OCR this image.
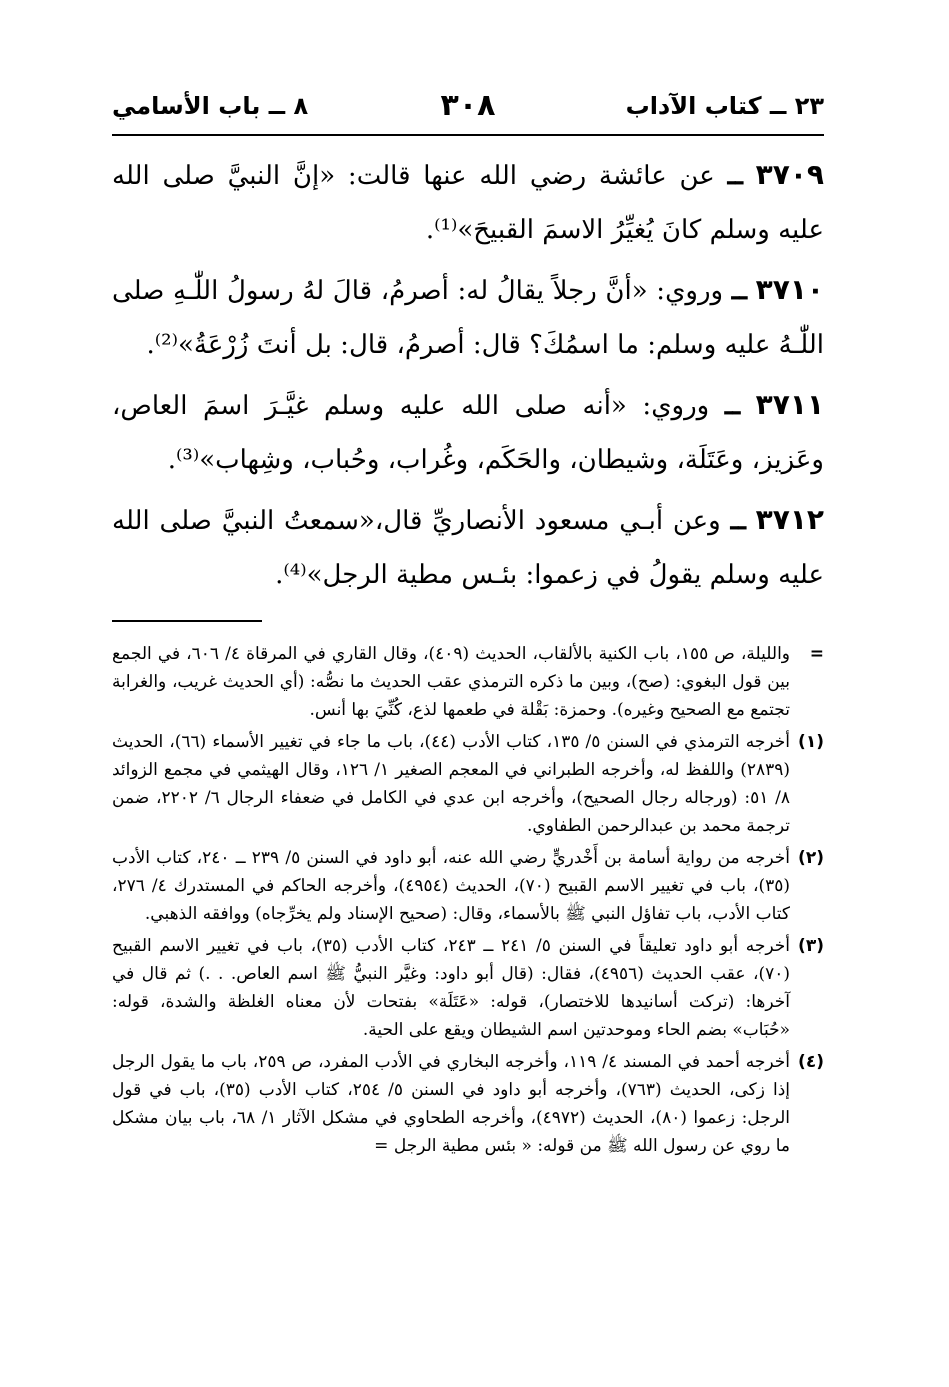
٢٣ ــ كتاب الآداب
٣٠٨
٨ ــ باب الأسامي

٣٧٠٩ ــ عن عائشة رضي الله عنها قالت: «إنَّ النبيَّ صلى الله عليه وسلم كانَ يُغيِّرُ الاسمَ القبيحَ»⁽¹⁾.

٣٧١٠ ــ وروي: «أنَّ رجلاً يقالُ له: أصرمُ، قالَ لهُ رسولُ اللّٰـهِ صلى اللّٰـهُ عليه وسلم: ما اسمُكَ؟ قال: أصرمُ، قال: بل أنتَ زُرْعَةُ»⁽²⁾.

٣٧١١ ــ وروي: «أنه صلى الله عليه وسلم غيَّـرَ اسمَ العاص، وعَزيز، وعَتَلَة، وشيطان، والحَكَم، وغُراب، وحُباب، وشِهاب»⁽³⁾.

٣٧١٢ ــ وعن أبـي مسعود الأنصاريِّ قال،«سمعتُ النبيَّ صلى الله عليه وسلم يقولُ في زعموا: بئـس مطية الرجل»⁽⁴⁾.

=
والليلة، ص ١٥٥، باب الكنية بالألقاب، الحديث (٤٠٩)، وقال القاري في المرقاة ٤/ ٦٠٦، في الجمع بين قول البغوي: (صح)، وبين ما ذكره الترمذي عقب الحديث ما نصُّه: (أي الحديث غريب، والغرابة تجتمع مع الصحيح وغيره). وحمزة: بَقْلة في طعمها لذع، كُنِّيَ بها أنس.
(١)
أخرجه الترمذي في السنن ٥/ ١٣٥، كتاب الأدب (٤٤)، باب ما جاء في تغيير الأسماء (٦٦)، الحديث (٢٨٣٩) واللفظ له، وأخرجه الطبراني في المعجم الصغير ١/ ١٢٦، وقال الهيثمي في مجمع الزوائد ٨/ ٥١: (ورجاله رجال الصحيح)، وأخرجه ابن عدي في الكامل في ضعفاء الرجال ٦/ ٢٢٠٢، ضمن ترجمة محمد بن عبدالرحمن الطفاوي.
(٢)
أخرجه من رواية أسامة بن أَخْدريٍّ رضي الله عنه، أبو داود في السنن ٥/ ٢٣٩ ــ ٢٤٠، كتاب الأدب (٣٥)، باب في تغيير الاسم القبيح (٧٠)، الحديث (٤٩٥٤)، وأخرجه الحاكم في المستدرك ٤/ ٢٧٦، كتاب الأدب، باب تفاؤل النبي ﷺ بالأسماء، وقال: (صحيح الإسناد ولم يخرِّجاه) ووافقه الذهبي.
(٣)
أخرجه أبو داود تعليقاً في السنن ٥/ ٢٤١ ــ ٢٤٣، كتاب الأدب (٣٥)، باب في تغيير الاسم القبيح (٧٠)، عقب الحديث (٤٩٥٦)، فقال: (قال أبو داود: وغيَّر النبيُّ ﷺ اسم العاص. . .) ثم قال في آخرها: (تركت أسانيدها للاختصار)، قوله: «عَتَلَة» بفتحات لأن معناه الغلظة والشدة، قوله: «حُبَاب» بضم الحاء وموحدتين اسم الشيطان ويقع على الحية.
(٤)
أخرجه أحمد في المسند ٤/ ١١٩، وأخرجه البخاري في الأدب المفرد، ص ٢٥٩، باب ما يقول الرجل إذا زكى، الحديث (٧٦٣)، وأخرجه أبو داود في السنن ٥/ ٢٥٤، كتاب الأدب (٣٥)، باب في قول الرجل: زعموا (٨٠)، الحديث (٤٩٧٢)، وأخرجه الطحاوي في مشكل الآثار ١/ ٦٨، باب بيان مشكل ما روي عن رسول الله ﷺ من قوله: « بئس مطية الرجل =
